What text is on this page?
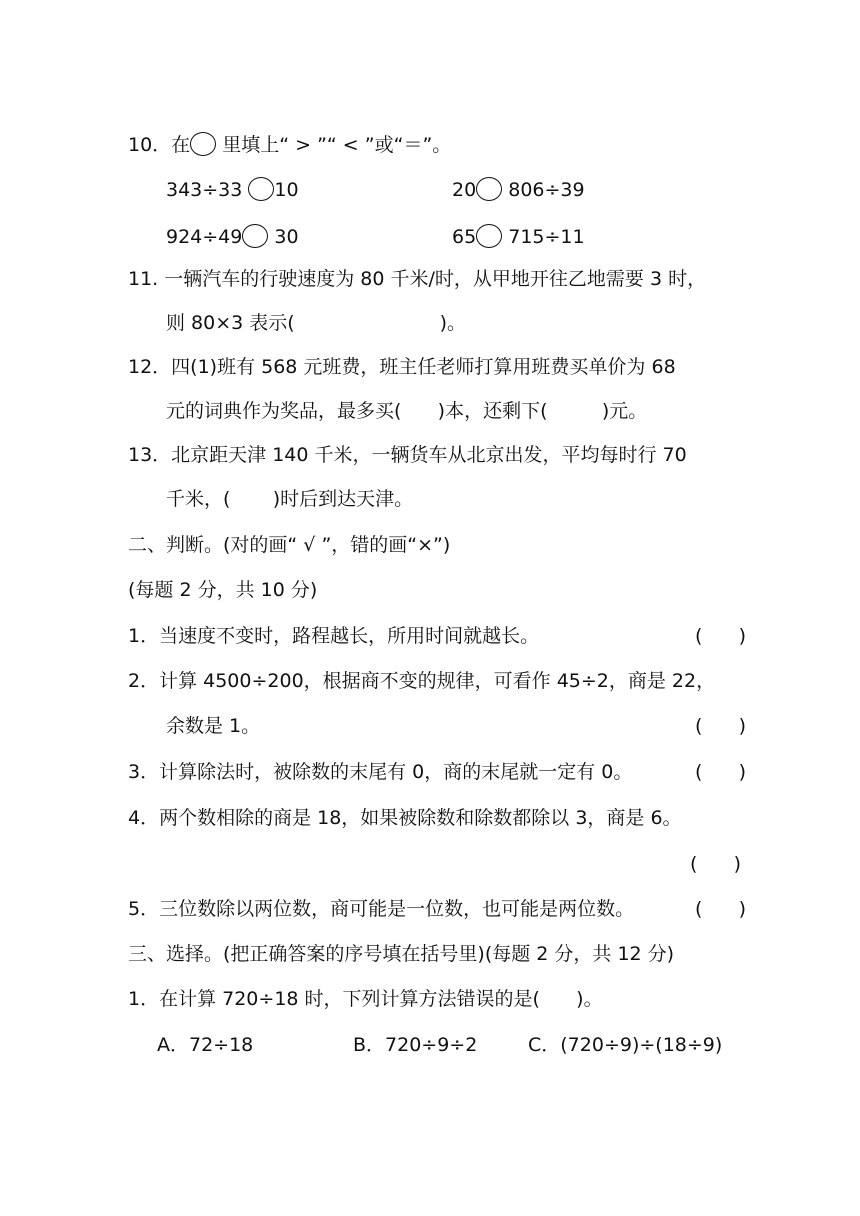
10．在 里填上“ > ”“ < ”或“＝”。
343÷33 10	20 806÷39
924÷49 30	65 715÷11
11. 一辆汽车的行驶速度为 80 千米/时，从甲地开往乙地需要 3 时，
则 80×3 表示(                        )。
12．四(1)班有 568 元班费，班主任老师打算用班费买单价为 68
元的词典作为奖品，最多买(      )本，还剩下(         )元。
13．北京距天津 140 千米，一辆货车从北京出发，平均每时行 70
千米，(       )时后到达天津。
二、判断。(对的画“ √ ”，错的画“×”)
(每题 2 分，共 10 分)
1．当速度不变时，路程越长，所用时间就越长。	(      )
2．计算 4500÷200，根据商不变的规律，可看作 45÷2，商是 22，
余数是 1。	(      )
3．计算除法时，被除数的末尾有 0，商的末尾就一定有 0。	(      )
4．两个数相除的商是 18，如果被除数和除数都除以 3，商是 6。
(      )
5．三位数除以两位数，商可能是一位数，也可能是两位数。	(      )
三、选择。(把正确答案的序号填在括号里)(每题 2 分，共 12 分)
1．在计算 720÷18 时，下列计算方法错误的是(      )。
A．72÷18	B．720÷9÷2	C．(720÷9)÷(18÷9)
